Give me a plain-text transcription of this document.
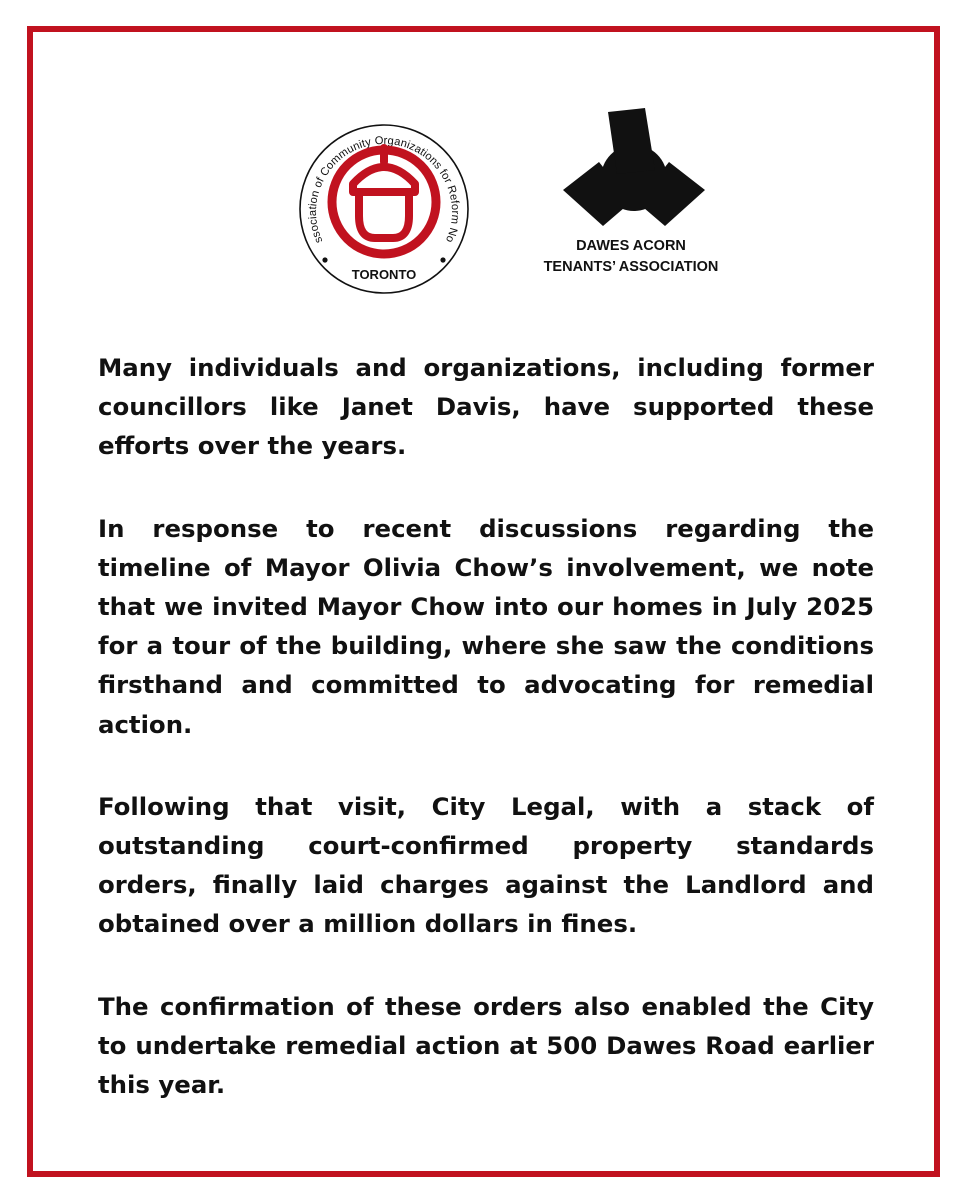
ssociation of Community Organizations for Reform No
TORONTO
DAWES ACORN
TENANTS’ ASSOCIATION

Many individuals and organizations, including former councillors like Janet Davis, have supported these efforts over the years.

In response to recent discussions regarding the timeline of Mayor Olivia Chow’s involvement, we note that we invited Mayor Chow into our homes in July 2025 for a tour of the building, where she saw the conditions firsthand and committed to advocating for remedial action.

Following that visit, City Legal, with a stack of outstanding court-confirmed property standards orders, finally laid charges against the Landlord and obtained over a million dollars in fines.

The confirmation of these orders also enabled the City to undertake remedial action at 500 Dawes Road earlier this year.
